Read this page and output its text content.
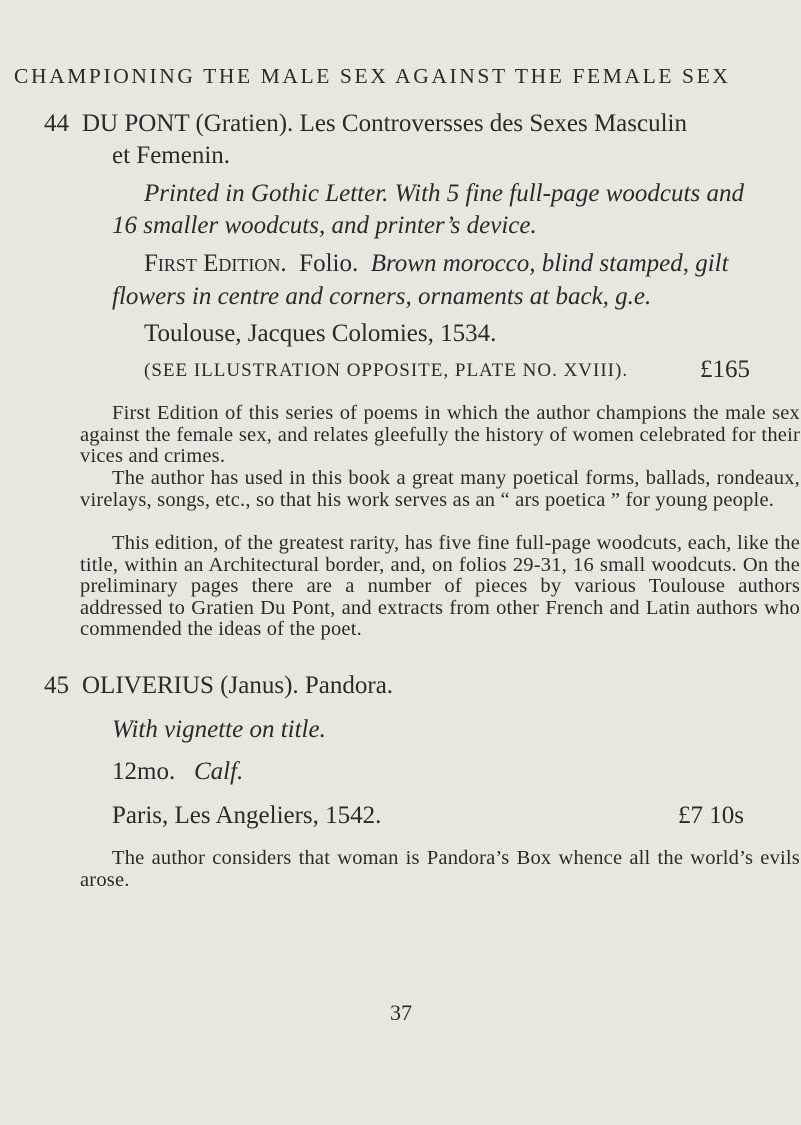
CHAMPIONING THE MALE SEX AGAINST THE FEMALE SEX
44 DU PONT (Gratien). Les Controversses des Sexes Masculin
et Femenin.
Printed in Gothic Letter. With 5 fine full-page woodcuts and
16 smaller woodcuts, and printer’s device.
First Edition. Folio. Brown morocco, blind stamped, gilt
flowers in centre and corners, ornaments at back, g.e.
Toulouse, Jacques Colomies, 1534.
(SEE ILLUSTRATION OPPOSITE, PLATE NO. XVIII).	£165
First Edition of this series of poems in which the author champions the male sex against the female sex, and relates gleefully the history of women celebrated for their vices and crimes.
The author has used in this book a great many poetical forms, ballads, rondeaux, virelays, songs, etc., so that his work serves as an “ ars poetica ” for young people.
This edition, of the greatest rarity, has five fine full-page woodcuts, each, like the title, within an Architectural border, and, on folios 29-31, 16 small woodcuts. On the preliminary pages there are a number of pieces by various Toulouse authors addressed to Gratien Du Pont, and extracts from other French and Latin authors who commended the ideas of the poet.
45 OLIVERIUS (Janus). Pandora.
With vignette on title.
12mo. Calf.
Paris, Les Angeliers, 1542.	£7 10s
The author considers that woman is Pandora’s Box whence all the world’s evils arose.
37
